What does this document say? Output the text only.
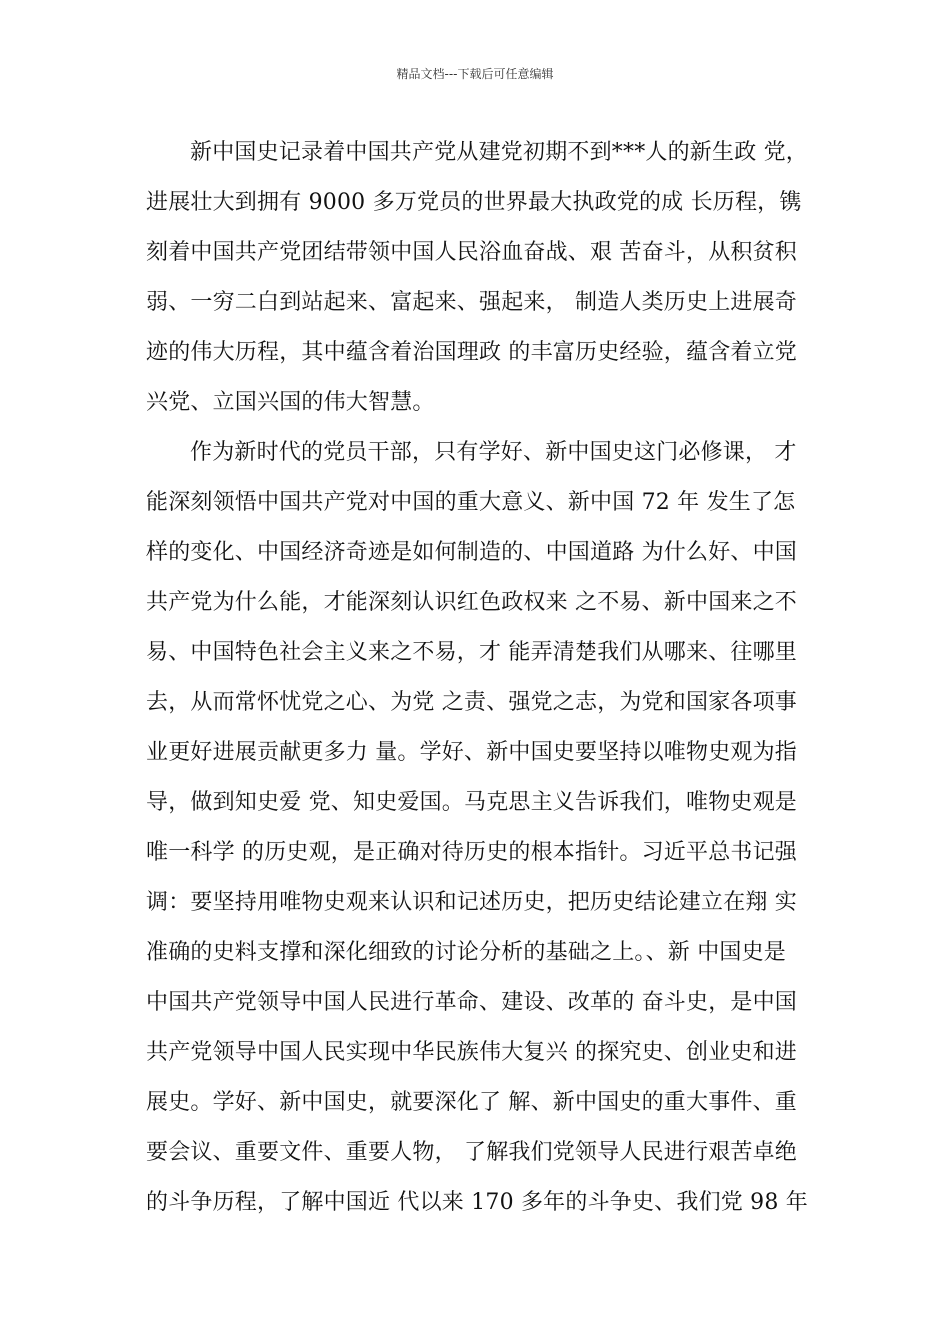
精品文档---下载后可任意编辑
新中国史记录着中国共产党从建党初期不到***人的新生政 党，
进展壮大到拥有 9000 多万党员的世界最大执政党的成 长历程，镌
刻着中国共产党团结带领中国人民浴血奋战、艰 苦奋斗，从积贫积
弱、一穷二白到站起来、富起来、强起来， 制造人类历史上进展奇
迹的伟大历程，其中蕴含着治国理政 的丰富历史经验，蕴含着立党
兴党、立国兴国的伟大智慧。
作为新时代的党员干部，只有学好、新中国史这门必修课， 才
能深刻领悟中国共产党对中国的重大意义、新中国 72 年 发生了怎
样的变化、中国经济奇迹是如何制造的、中国道路 为什么好、中国
共产党为什么能，才能深刻认识红色政权来 之不易、新中国来之不
易、中国特色社会主义来之不易，才 能弄清楚我们从哪来、往哪里
去，从而常怀忧党之心、为党 之责、强党之志，为党和国家各项事
业更好进展贡献更多力 量。学好、新中国史要坚持以唯物史观为指
导，做到知史爱 党、知史爱国。马克思主义告诉我们，唯物史观是
唯一科学 的历史观，是正确对待历史的根本指针。习近平总书记强
调：要坚持用唯物史观来认识和记述历史，把历史结论建立在翔 实
准确的史料支撑和深化细致的讨论分析的基础之上。、新 中国史是
中国共产党领导中国人民进行革命、建设、改革的 奋斗史，是中国
共产党领导中国人民实现中华民族伟大复兴 的探究史、创业史和进
展史。学好、新中国史，就要深化了 解、新中国史的重大事件、重
要会议、重要文件、重要人物， 了解我们党领导人民进行艰苦卓绝
的斗争历程，了解中国近 代以来 170 多年的斗争史、我们党 98 年
